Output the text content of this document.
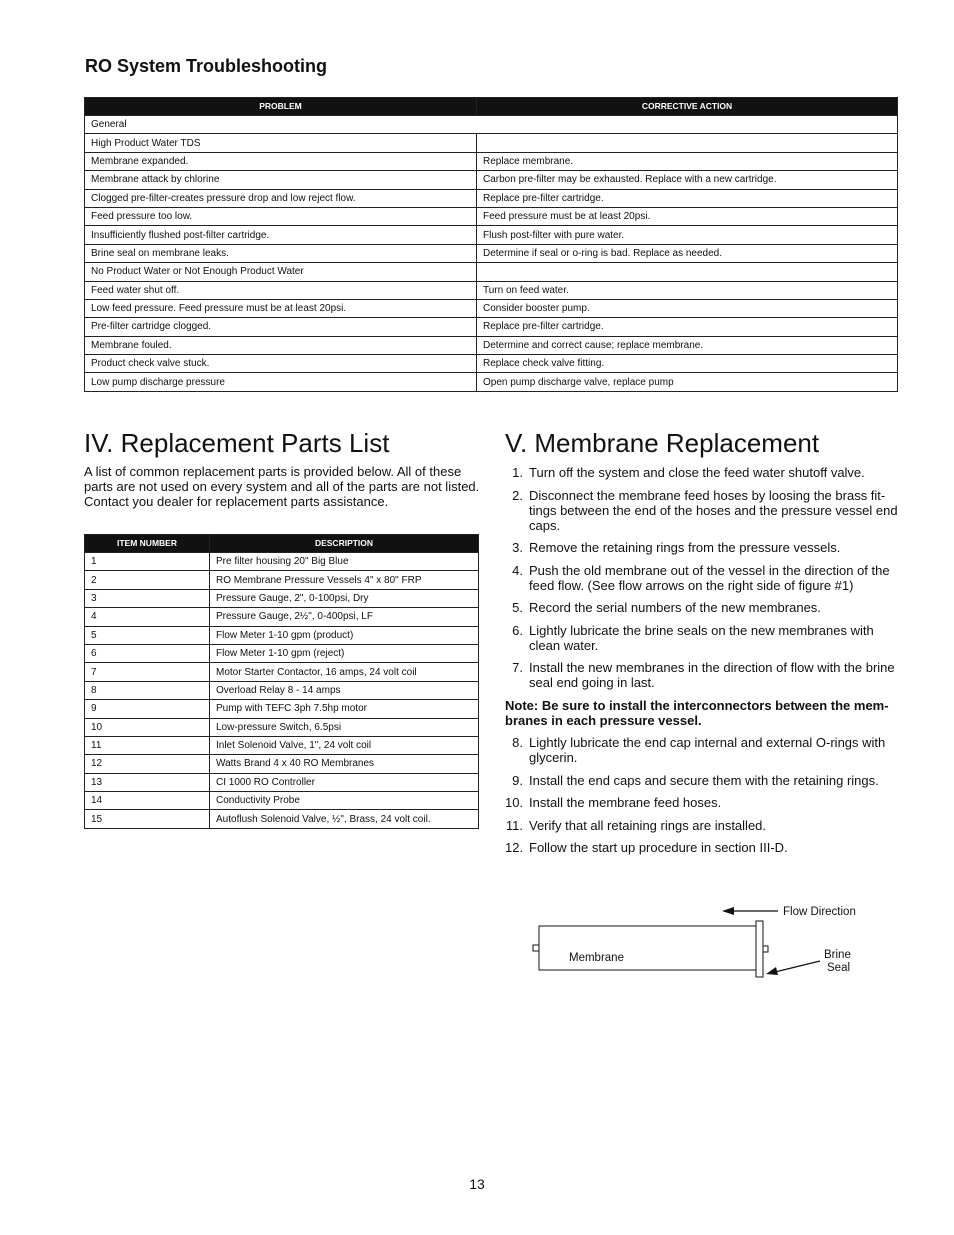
RO System Troubleshooting
PROBLEM	CORRECTIVE ACTION
General	
High Product Water TDS	
Membrane expanded.	Replace membrane.
Membrane attack by chlorine	Carbon pre-filter may be exhausted. Replace with a new cartridge.
Clogged pre-filter-creates pressure drop and low reject flow.	Replace pre-filter cartridge.
Feed pressure too low.	Feed pressure must be at least 20psi.
Insufficiently flushed post-filter cartridge.	Flush post-filter with pure water.
Brine seal on membrane leaks.	Determine if seal or o-ring is bad. Replace as needed.
No Product Water or Not Enough Product Water	
Feed water shut off.	Turn on feed water.
Low feed pressure. Feed pressure must be at least 20psi.	Consider booster pump.
Pre-filter cartridge clogged.	Replace pre-filter cartridge.
Membrane fouled.	Determine and correct cause; replace membrane.
Product check valve stuck.	Replace check valve fitting.
Low pump discharge pressure	Open pump discharge valve, replace pump
IV. Replacement Parts List
A list of common replacement parts is provided below. All of these parts are not used on every system and all of the parts are not listed. Contact you dealer for replacement parts assistance.
ITEM NUMBER	DESCRIPTION
1	Pre filter housing 20" Big Blue
2	RO Membrane Pressure Vessels 4" x 80" FRP
3	Pressure Gauge, 2", 0-100psi, Dry
4	Pressure Gauge, 2½", 0-400psi, LF
5	Flow Meter 1-10 gpm (product)
6	Flow Meter 1-10 gpm (reject)
7	Motor Starter Contactor, 16 amps, 24 volt coil
8	Overload Relay 8 - 14 amps
9	Pump with TEFC 3ph 7.5hp motor
10	Low-pressure Switch, 6.5psi
11	Inlet Solenoid Valve, 1", 24 volt coil
12	Watts Brand 4 x 40 RO Membranes
13	CI 1000 RO Controller
14	Conductivity Probe
15	Autoflush Solenoid Valve, ½", Brass, 24 volt coil.
V. Membrane Replacement
1. Turn off the system and close the feed water shutoff valve.
2. Disconnect the membrane feed hoses by loosing the brass fit-tings between the end of the hoses and the pressure vessel end caps.
3. Remove the retaining rings from the pressure vessels.
4. Push the old membrane out of the vessel in the direction of the feed flow. (See flow arrows on the right side of figure #1)
5. Record the serial numbers of the new membranes.
6. Lightly lubricate the brine seals on the new membranes with clean water.
7. Install the new membranes in the direction of flow with the brine seal end going in last.
Note: Be sure to install the interconnectors between the mem-branes in each pressure vessel.
8. Lightly lubricate the end cap internal and external O-rings with glycerin.
9. Install the end caps and secure them with the retaining rings.
10. Install the membrane feed hoses.
11. Verify that all retaining rings are installed.
12. Follow the start up procedure in section III-D.
Flow Direction
Membrane	Brine
Seal
13
